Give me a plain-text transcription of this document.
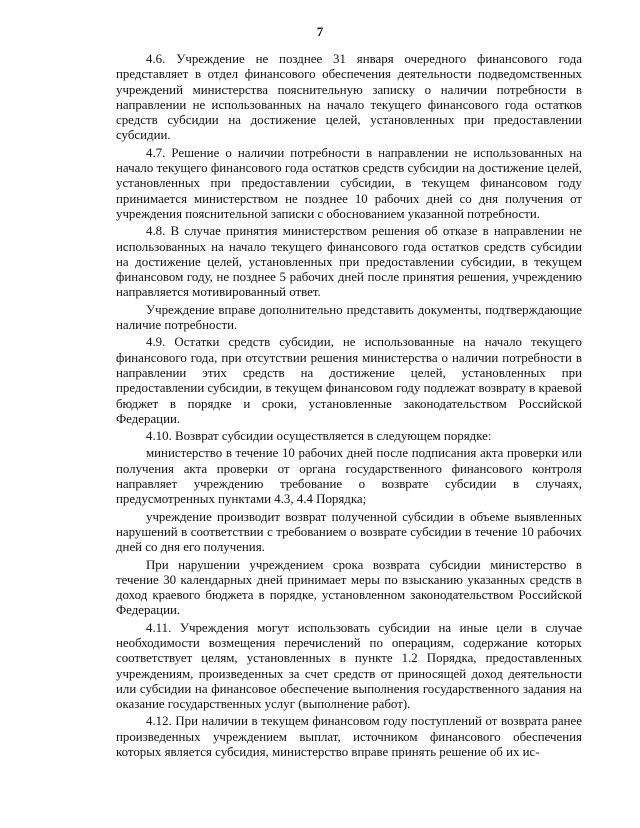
7

4.6. Учреждение не позднее 31 января очередного финансового года представляет в отдел финансового обеспечения деятельности подведомственных учреждений министерства пояснительную записку о наличии потребности в направлении не использованных на начало текущего финансового года остатков средств субсидии на достижение целей, установленных при предоставлении субсидии.

4.7. Решение о наличии потребности в направлении не использованных на начало текущего финансового года остатков средств субсидии на достижение целей, установленных при предоставлении субсидии, в текущем финансовом году принимается министерством не позднее 10 рабочих дней со дня получения от учреждения пояснительной записки с обоснованием указанной потребности.

4.8. В случае принятия министерством решения об отказе в направлении не использованных на начало текущего финансового года остатков средств субсидии на достижение целей, установленных при предоставлении субсидии, в текущем финансовом году, не позднее 5 рабочих дней после принятия решения, учреждению направляется мотивированный ответ.

Учреждение вправе дополнительно представить документы, подтверждающие наличие потребности.

4.9. Остатки средств субсидии, не использованные на начало текущего финансового года, при отсутствии решения министерства о наличии потребности в направлении этих средств на достижение целей, установленных при предоставлении субсидии, в текущем финансовом году подлежат возврату в краевой бюджет в порядке и сроки, установленные законодательством Российской Федерации.

4.10. Возврат субсидии осуществляется в следующем порядке:

министерство в течение 10 рабочих дней после подписания акта проверки или получения акта проверки от органа государственного финансового контроля направляет учреждению требование о возврате субсидии в случаях, предусмотренных пунктами 4.3, 4.4 Порядка;

учреждение производит возврат полученной субсидии в объеме выявленных нарушений в соответствии с требованием о возврате субсидии в течение 10 рабочих дней со дня его получения.

При нарушении учреждением срока возврата субсидии министерство в течение 30 календарных дней принимает меры по взысканию указанных средств в доход краевого бюджета в порядке, установленном законодательством Российской Федерации.

4.11. Учреждения могут использовать субсидии на иные цели в случае необходимости возмещения перечислений по операциям, содержание которых соответствует целям, установленных в пункте 1.2 Порядка, предоставленных учреждениям, произведенных за счет средств от приносящей доход деятельности или субсидии на финансовое обеспечение выполнения государственного задания на оказание государственных услуг (выполнение работ).

4.12. При наличии в текущем финансовом году поступлений от возврата ранее произведенных учреждением выплат, источником финансового обеспечения которых является субсидия, министерство вправе принять решение об их ис-
